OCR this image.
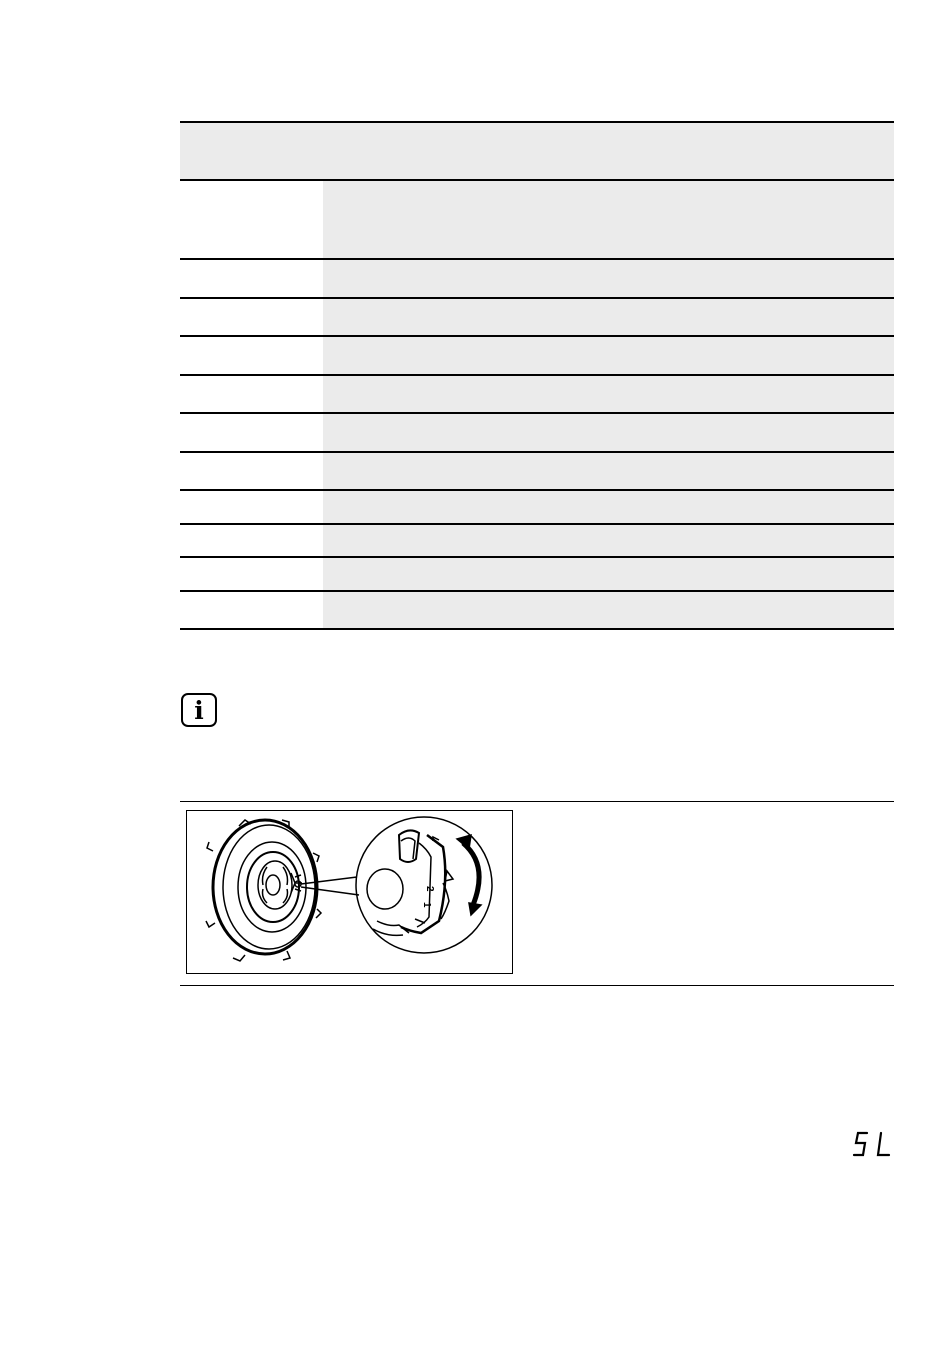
i
2
1
